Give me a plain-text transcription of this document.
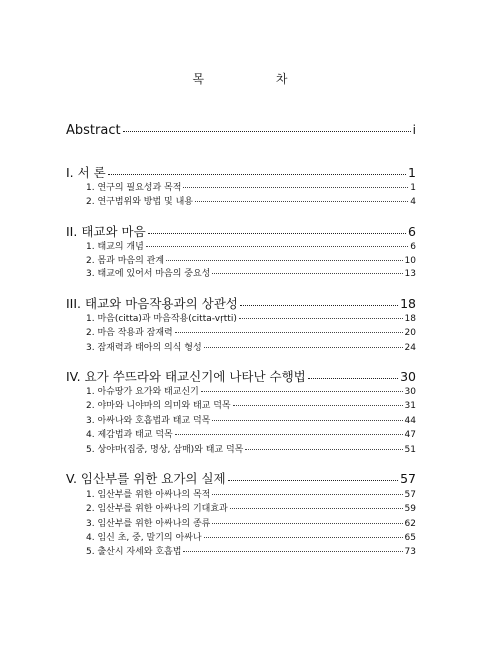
목 차
Abstract	i
I. 서 론	1
1. 연구의 필요성과 목적	1
2. 연구범위와 방법 및 내용	4
II. 태교와 마음	6
1. 태교의 개념	6
2. 몸과 마음의 관계	10
3. 태교에 있어서 마음의 중요성	13
III. 태교와 마음작용과의 상관성	18
1. 마음(citta)과 마음작용(citta-vṛtti)	18
2. 마음 작용과 잠재력	20
3. 잠재력과 태아의 의식 형성	24
IV. 요가 쑤뜨라와 태교신기에 나타난 수행법	30
1. 아슈땅가 요가와 태교신기	30
2. 야마와 니야마의 의미와 태교 덕목	31
3. 아싸나와 호흡법과 태교 덕목	44
4. 제감법과 태교 덕목	47
5. 상야마(집중, 명상, 삼매)와 태교 덕목	51
V. 임산부를 위한 요가의 실제	57
1. 임산부를 위한 아싸나의 목적	57
2. 임산부를 위한 아싸나의 기대효과	59
3. 임산부를 위한 아싸나의 종류	62
4. 임신 초, 중, 말기의 아싸나	65
5. 출산시 자세와 호흡법	73
